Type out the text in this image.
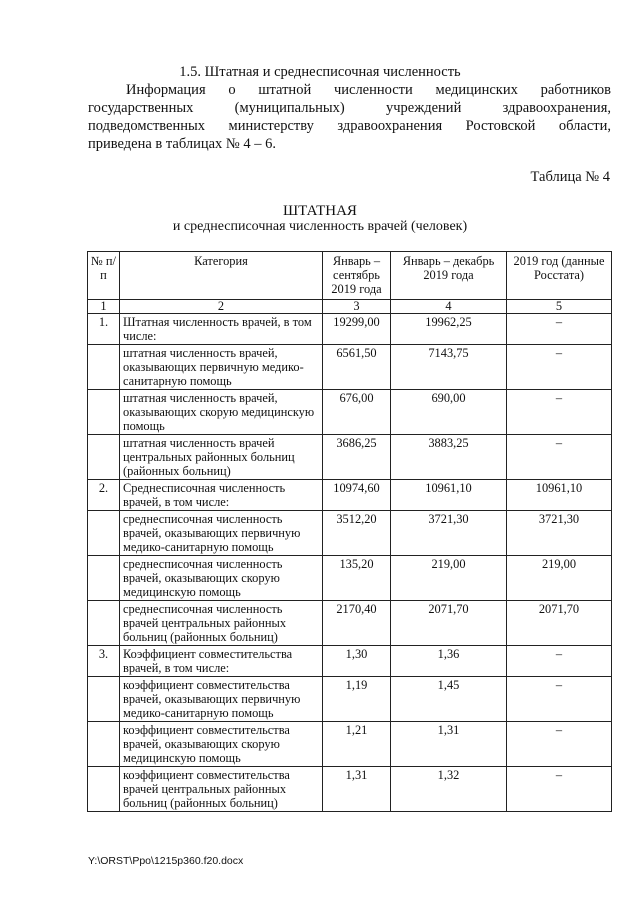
1.5. Штатная и среднесписочная численность
Информация о штатной численности медицинских работников
государственных (муниципальных) учреждений здравоохранения,
подведомственных министерству здравоохранения Ростовской области,
приведена в таблицах № 4 – 6.
Таблица № 4
ШТАТНАЯ
и среднесписочная численность врачей (человек)
№ п/п	Категория	Январь – сентябрь 2019 года	Январь – декабрь 2019 года	2019 год (данные Росстата)
1	2	3	4	5
1.	Штатная численность врачей, в том числе:	19299,00	19962,25	–
	штатная численность врачей, оказывающих первичную медико-санитарную помощь	6561,50	7143,75	–
	штатная численность врачей, оказывающих скорую медицинскую помощь	676,00	690,00	–
	штатная численность врачей центральных районных больниц (районных больниц)	3686,25	3883,25	–
2.	Среднесписочная численность врачей, в том числе:	10974,60	10961,10	10961,10
	среднесписочная численность врачей, оказывающих первичную медико-санитарную помощь	3512,20	3721,30	3721,30
	среднесписочная численность врачей, оказывающих скорую медицинскую помощь	135,20	219,00	219,00
	среднесписочная численность врачей центральных районных больниц (районных больниц)	2170,40	2071,70	2071,70
3.	Коэффициент совместительства врачей, в том числе:	1,30	1,36	–
	коэффициент совместительства врачей, оказывающих первичную медико-санитарную помощь	1,19	1,45	–
	коэффициент совместительства врачей, оказывающих скорую медицинскую помощь	1,21	1,31	–
	коэффициент совместительства врачей центральных районных больниц (районных больниц)	1,31	1,32	–
Y:\ORST\Ppo\1215p360.f20.docx
